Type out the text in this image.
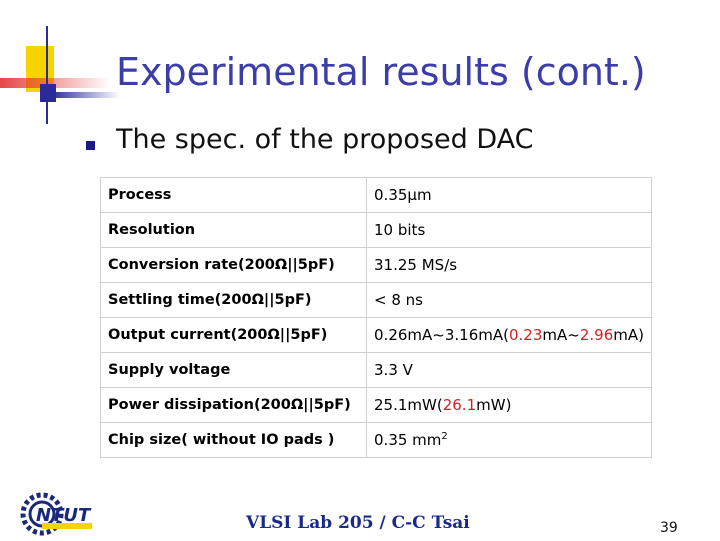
Experimental results (cont.)
The spec. of the proposed DAC
Process	0.35µm
Resolution	10 bits
Conversion rate(200Ω||5pF)	31.25 MS/s
Settling time(200Ω||5pF)	< 8 ns
Output current(200Ω||5pF)	0.26mA~3.16mA(0.23mA~2.96mA)
Supply voltage	3.3 V
Power dissipation(200Ω||5pF)	25.1mW(26.1mW)
Chip size( without IO pads )	0.35 $mm^2$
NTUT	VLSI Lab 205 / C-C Tsai	39
